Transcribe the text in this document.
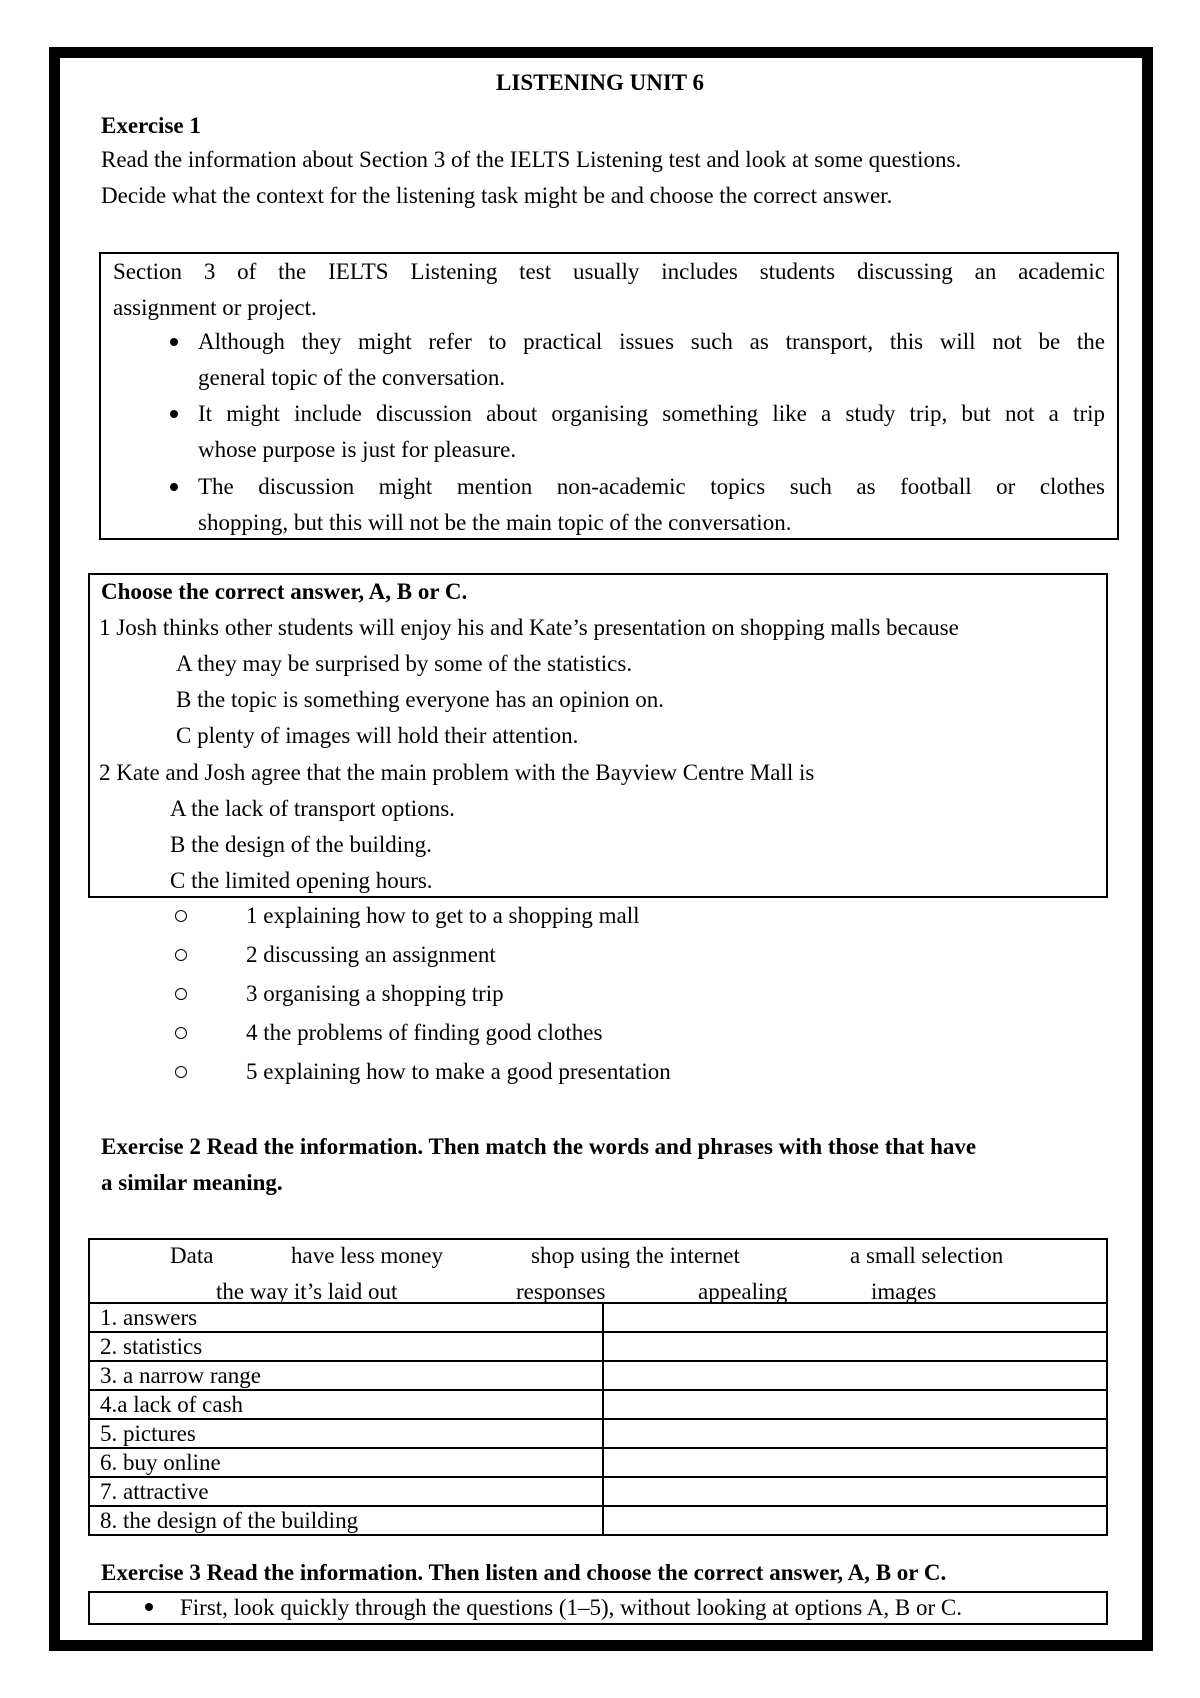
LISTENING UNIT 6
Exercise 1
Read the information about Section 3 of the IELTS Listening test and look at some questions.
Decide what the context for the listening task might be and choose the correct answer.
Section 3 of the IELTS Listening test usually includes students discussing an academic
assignment or project.
Although they might refer to practical issues such as transport, this will not be the
general topic of the conversation.
It might include discussion about organising something like a study trip, but not a trip
whose purpose is just for pleasure.
The discussion might mention non-academic topics such as football or clothes
shopping, but this will not be the main topic of the conversation.
Choose the correct answer, A, B or C.
1 Josh thinks other students will enjoy his and Kate’s presentation on shopping malls because
A they may be surprised by some of the statistics.
B the topic is something everyone has an opinion on.
C plenty of images will hold their attention.
2 Kate and Josh agree that the main problem with the Bayview Centre Mall is
A the lack of transport options.
B the design of the building.
C the limited opening hours.
1 explaining how to get to a shopping mall
2 discussing an assignment
3 organising a shopping trip
4 the problems of finding good clothes
5 explaining how to make a good presentation
Exercise 2 Read the information. Then match the words and phrases with those that have
a similar meaning.
Data	have less money	shop using the internet	a small selection
the way it’s laid out	responses	appealing	images
1. answers	
2. statistics	
3. a narrow range	
4.a lack of cash	
5. pictures	
6. buy online	
7. attractive	
8. the design of the building	
Exercise 3 Read the information. Then listen and choose the correct answer, A, B or C.
First, look quickly through the questions (1–5), without looking at options A, B or C.
